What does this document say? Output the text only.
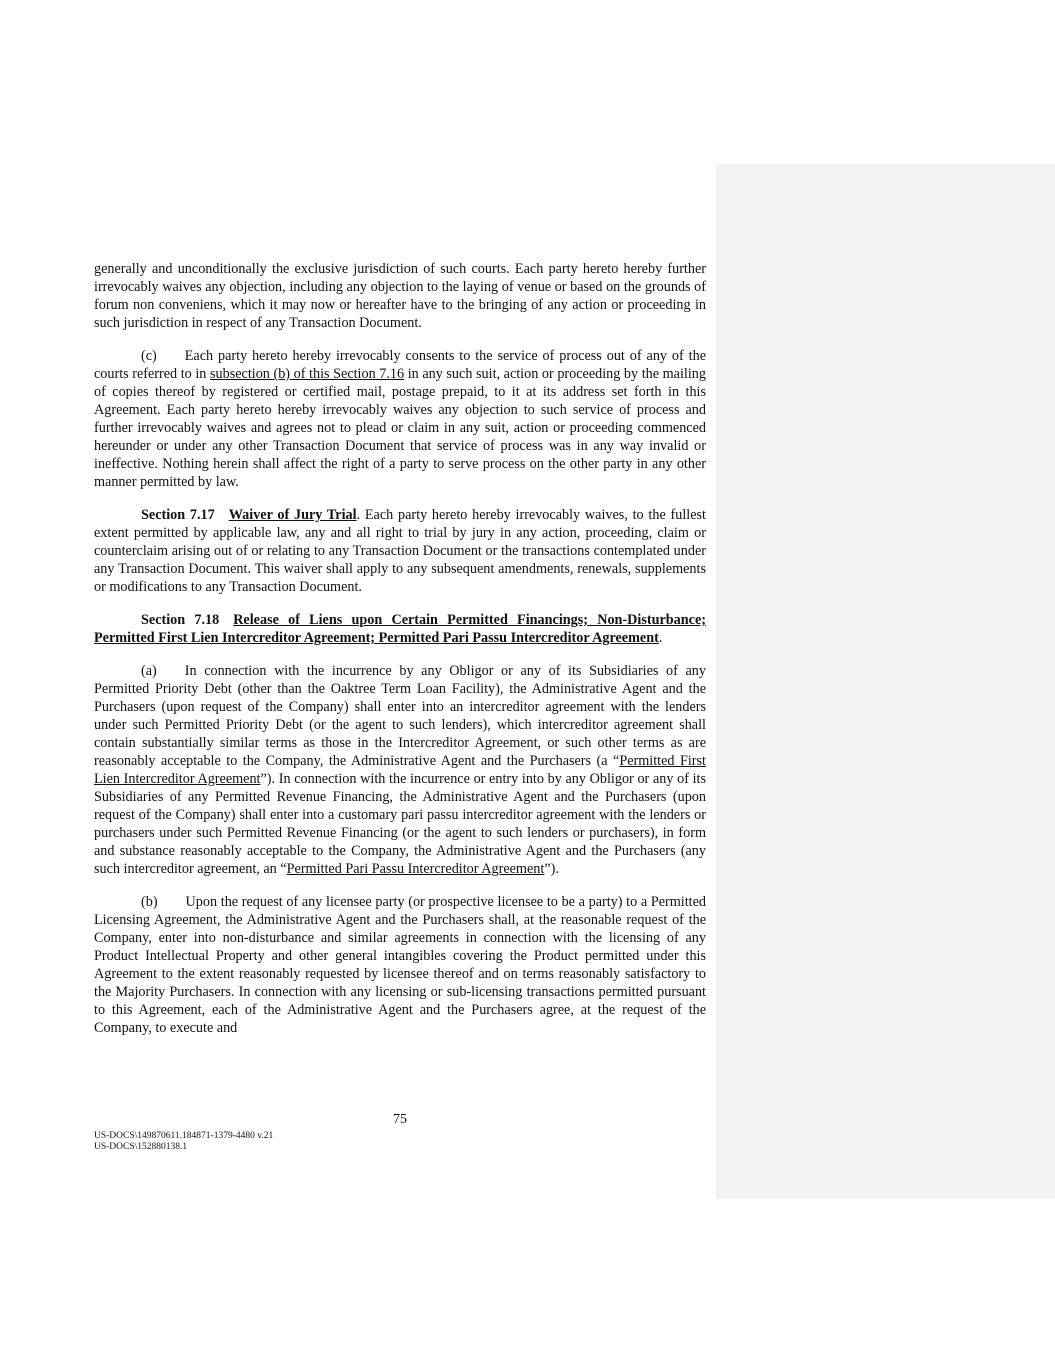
generally and unconditionally the exclusive jurisdiction of such courts. Each party hereto hereby further irrevocably waives any objection, including any objection to the laying of venue or based on the grounds of forum non conveniens, which it may now or hereafter have to the bringing of any action or proceeding in such jurisdiction in respect of any Transaction Document.

(c) Each party hereto hereby irrevocably consents to the service of process out of any of the courts referred to in subsection (b) of this Section 7.16 in any such suit, action or proceeding by the mailing of copies thereof by registered or certified mail, postage prepaid, to it at its address set forth in this Agreement. Each party hereto hereby irrevocably waives any objection to such service of process and further irrevocably waives and agrees not to plead or claim in any suit, action or proceeding commenced hereunder or under any other Transaction Document that service of process was in any way invalid or ineffective. Nothing herein shall affect the right of a party to serve process on the other party in any other manner permitted by law.

Section 7.17 Waiver of Jury Trial. Each party hereto hereby irrevocably waives, to the fullest extent permitted by applicable law, any and all right to trial by jury in any action, proceeding, claim or counterclaim arising out of or relating to any Transaction Document or the transactions contemplated under any Transaction Document. This waiver shall apply to any subsequent amendments, renewals, supplements or modifications to any Transaction Document.

Section 7.18 Release of Liens upon Certain Permitted Financings; Non-Disturbance; Permitted First Lien Intercreditor Agreement; Permitted Pari Passu Intercreditor Agreement.

(a) In connection with the incurrence by any Obligor or any of its Subsidiaries of any Permitted Priority Debt (other than the Oaktree Term Loan Facility), the Administrative Agent and the Purchasers (upon request of the Company) shall enter into an intercreditor agreement with the lenders under such Permitted Priority Debt (or the agent to such lenders), which intercreditor agreement shall contain substantially similar terms as those in the Intercreditor Agreement, or such other terms as are reasonably acceptable to the Company, the Administrative Agent and the Purchasers (a “Permitted First Lien Intercreditor Agreement”). In connection with the incurrence or entry into by any Obligor or any of its Subsidiaries of any Permitted Revenue Financing, the Administrative Agent and the Purchasers (upon request of the Company) shall enter into a customary pari passu intercreditor agreement with the lenders or purchasers under such Permitted Revenue Financing (or the agent to such lenders or purchasers), in form and substance reasonably acceptable to the Company, the Administrative Agent and the Purchasers (any such intercreditor agreement, an “Permitted Pari Passu Intercreditor Agreement”).

(b) Upon the request of any licensee party (or prospective licensee to be a party) to a Permitted Licensing Agreement, the Administrative Agent and the Purchasers shall, at the reasonable request of the Company, enter into non-disturbance and similar agreements in connection with the licensing of any Product Intellectual Property and other general intangibles covering the Product permitted under this Agreement to the extent reasonably requested by licensee thereof and on terms reasonably satisfactory to the Majority Purchasers. In connection with any licensing or sub-licensing transactions permitted pursuant to this Agreement, each of the Administrative Agent and the Purchasers agree, at the request of the Company, to execute and

75
US-DOCS\149870611.184871-1379-4480 v.21
US-DOCS\152880138.1
